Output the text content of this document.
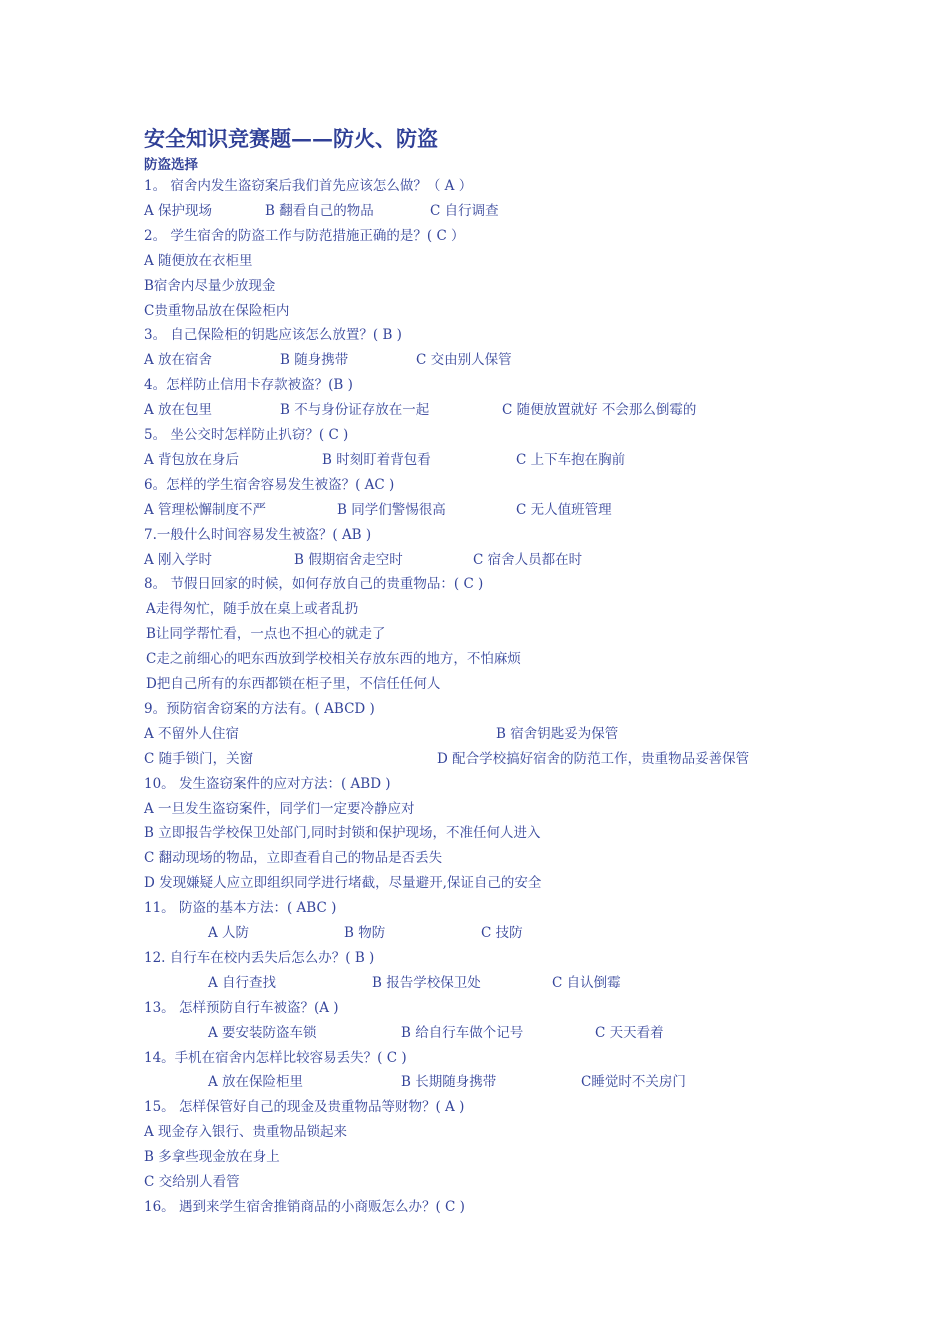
安全知识竞赛题——防火、防盗
防盗选择
1。 宿舍内发生盗窃案后我们首先应该怎么做？（ A ）
A 保护现场	B 翻看自己的物品	C 自行调查
2。 学生宿舍的防盗工作与防范措施正确的是？( C ）
A 随便放在衣柜里
B宿舍内尽量少放现金
C贵重物品放在保险柜内
3。 自己保险柜的钥匙应该怎么放置？( B )
A 放在宿舍	B 随身携带	C 交由别人保管
4。怎样防止信用卡存款被盗？(B )
A 放在包里	B 不与身份证存放在一起	C 随便放置就好 不会那么倒霉的
5。 坐公交时怎样防止扒窃？( C )
A 背包放在身后	B 时刻盯着背包看	C 上下车抱在胸前
6。怎样的学生宿舍容易发生被盗？( AC )
A 管理松懈制度不严	B 同学们警惕很高	C 无人值班管理
7.一般什么时间容易发生被盗？( AB )
A 刚入学时	B 假期宿舍走空时	C 宿舍人员都在时
8。 节假日回家的时候，如何存放自己的贵重物品：( C )
A走得匆忙，随手放在桌上或者乱扔
B让同学帮忙看，一点也不担心的就走了
C走之前细心的吧东西放到学校相关存放东西的地方，不怕麻烦
D把自己所有的东西都锁在柜子里，不信任任何人
9。预防宿舍窃案的方法有。( ABCD )
A 不留外人住宿	B 宿舍钥匙妥为保管
C 随手锁门，关窗	D 配合学校搞好宿舍的防范工作，贵重物品妥善保管
10。 发生盗窃案件的应对方法：( ABD )
A 一旦发生盗窃案件，同学们一定要冷静应对
B 立即报告学校保卫处部门,同时封锁和保护现场，不准任何人进入
C 翻动现场的物品，立即查看自己的物品是否丢失
D 发现嫌疑人应立即组织同学进行堵截，尽量避开,保证自己的安全
11。 防盗的基本方法：( ABC )
A 人防	B 物防	C 技防
12. 自行车在校内丢失后怎么办？( B )
A 自行查找	B 报告学校保卫处	C 自认倒霉
13。 怎样预防自行车被盗？(A )
A 要安装防盗车锁	B 给自行车做个记号	C 天天看着
14。手机在宿舍内怎样比较容易丢失？( C )
A 放在保险柜里	B 长期随身携带	C睡觉时不关房门
15。 怎样保管好自己的现金及贵重物品等财物？( A )
A 现金存入银行、贵重物品锁起来
B 多拿些现金放在身上
C 交给别人看管
16。 遇到来学生宿舍推销商品的小商贩怎么办？( C )
